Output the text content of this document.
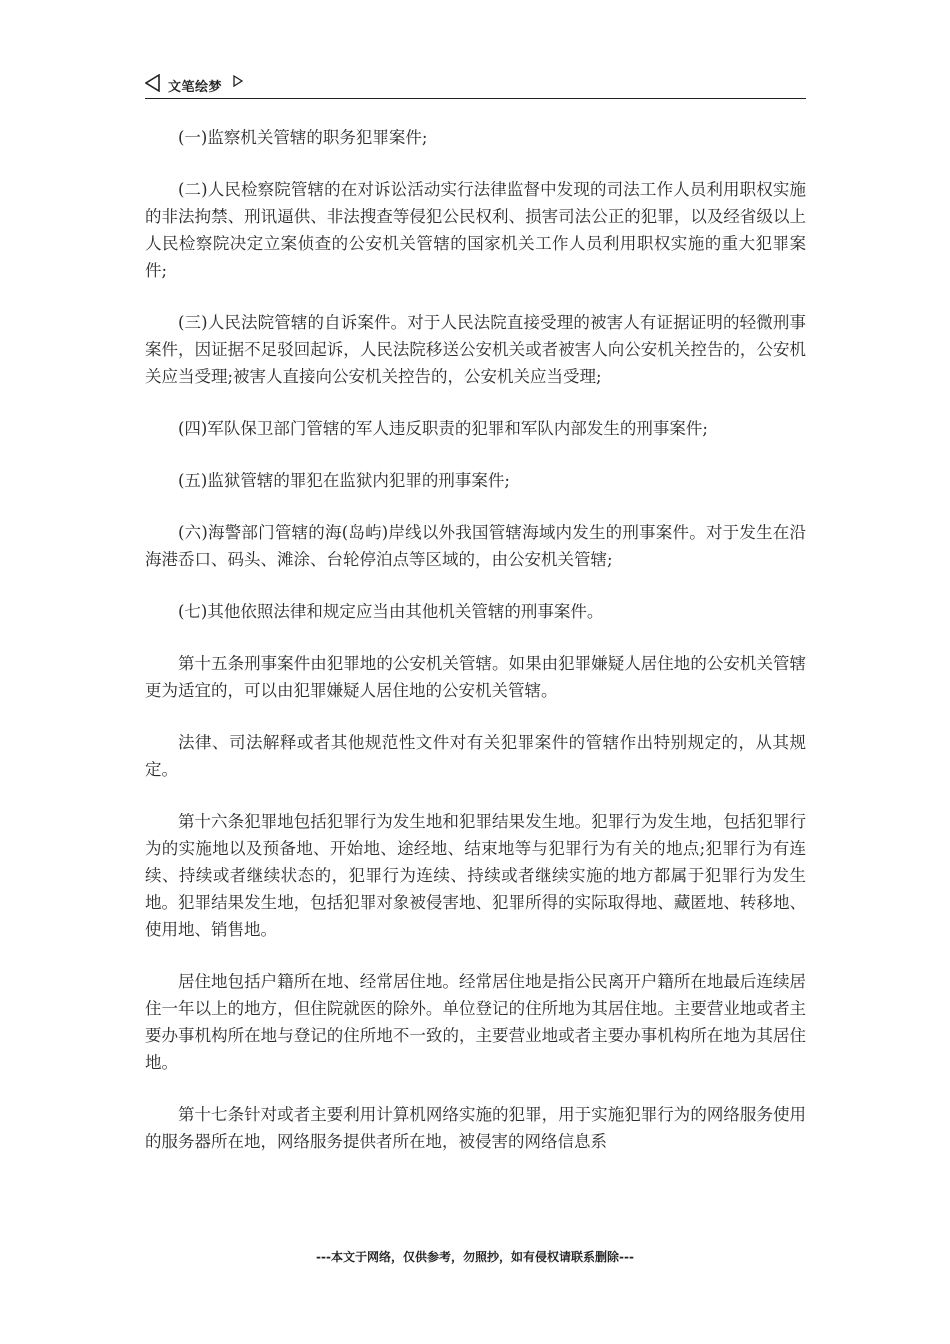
文笔绘梦

(一)监察机关管辖的职务犯罪案件;

(二)人民检察院管辖的在对诉讼活动实行法律监督中发现的司法工作人员利用职权实施的非法拘禁、刑讯逼供、非法搜查等侵犯公民权利、损害司法公正的犯罪，以及经省级以上人民检察院决定立案侦查的公安机关管辖的国家机关工作人员利用职权实施的重大犯罪案件;

(三)人民法院管辖的自诉案件。对于人民法院直接受理的被害人有证据证明的轻微刑事案件，因证据不足驳回起诉，人民法院移送公安机关或者被害人向公安机关控告的，公安机关应当受理;被害人直接向公安机关控告的，公安机关应当受理;

(四)军队保卫部门管辖的军人违反职责的犯罪和军队内部发生的刑事案件;

(五)监狱管辖的罪犯在监狱内犯罪的刑事案件;

(六)海警部门管辖的海(岛屿)岸线以外我国管辖海域内发生的刑事案件。对于发生在沿海港岙口、码头、滩涂、台轮停泊点等区域的，由公安机关管辖;

(七)其他依照法律和规定应当由其他机关管辖的刑事案件。

第十五条刑事案件由犯罪地的公安机关管辖。如果由犯罪嫌疑人居住地的公安机关管辖更为适宜的，可以由犯罪嫌疑人居住地的公安机关管辖。

法律、司法解释或者其他规范性文件对有关犯罪案件的管辖作出特别规定的，从其规定。

第十六条犯罪地包括犯罪行为发生地和犯罪结果发生地。犯罪行为发生地，包括犯罪行为的实施地以及预备地、开始地、途经地、结束地等与犯罪行为有关的地点;犯罪行为有连续、持续或者继续状态的，犯罪行为连续、持续或者继续实施的地方都属于犯罪行为发生地。犯罪结果发生地，包括犯罪对象被侵害地、犯罪所得的实际取得地、藏匿地、转移地、使用地、销售地。

居住地包括户籍所在地、经常居住地。经常居住地是指公民离开户籍所在地最后连续居住一年以上的地方，但住院就医的除外。单位登记的住所地为其居住地。主要营业地或者主要办事机构所在地与登记的住所地不一致的，主要营业地或者主要办事机构所在地为其居住地。

第十七条针对或者主要利用计算机网络实施的犯罪，用于实施犯罪行为的网络服务使用的服务器所在地，网络服务提供者所在地，被侵害的网络信息系

---本文于网络，仅供参考，勿照抄，如有侵权请联系删除---
